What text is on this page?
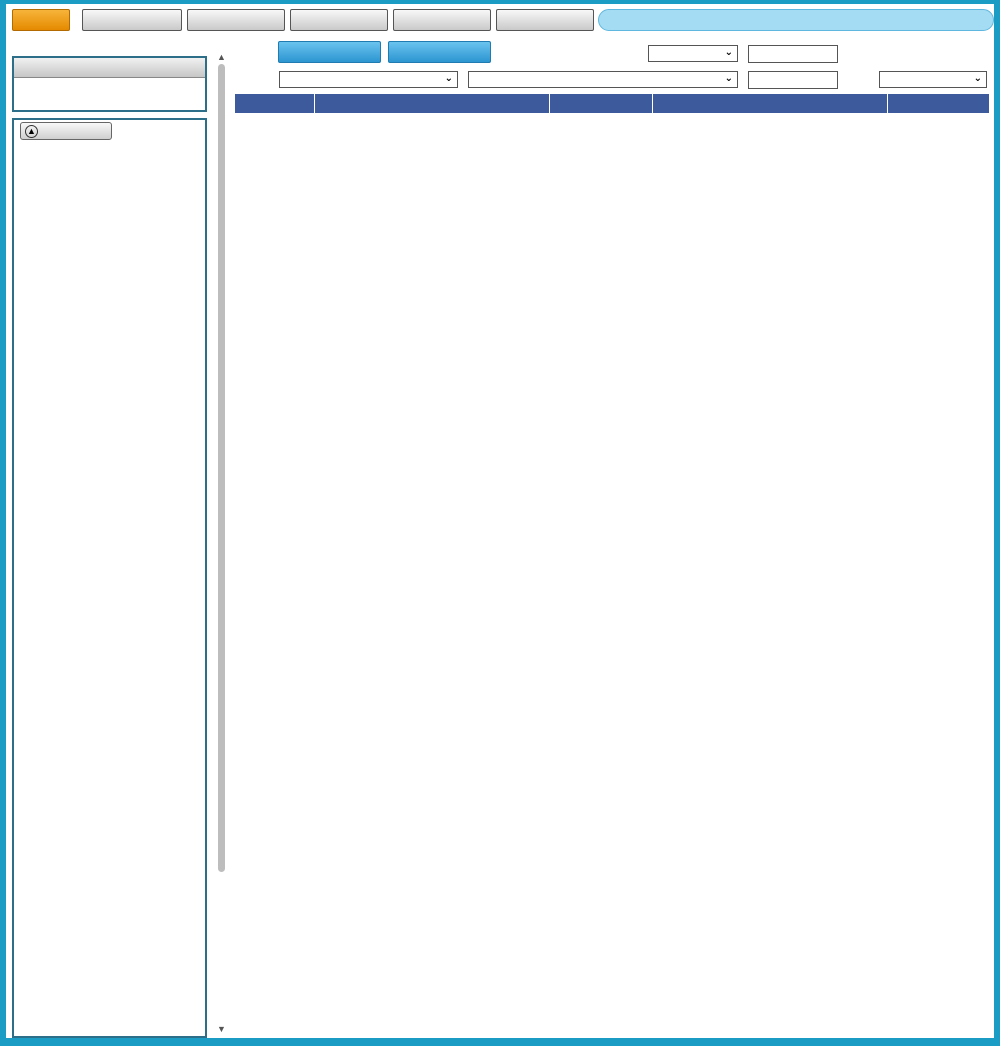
▲
▲
▼
⌄
⌄	⌄	⌄
